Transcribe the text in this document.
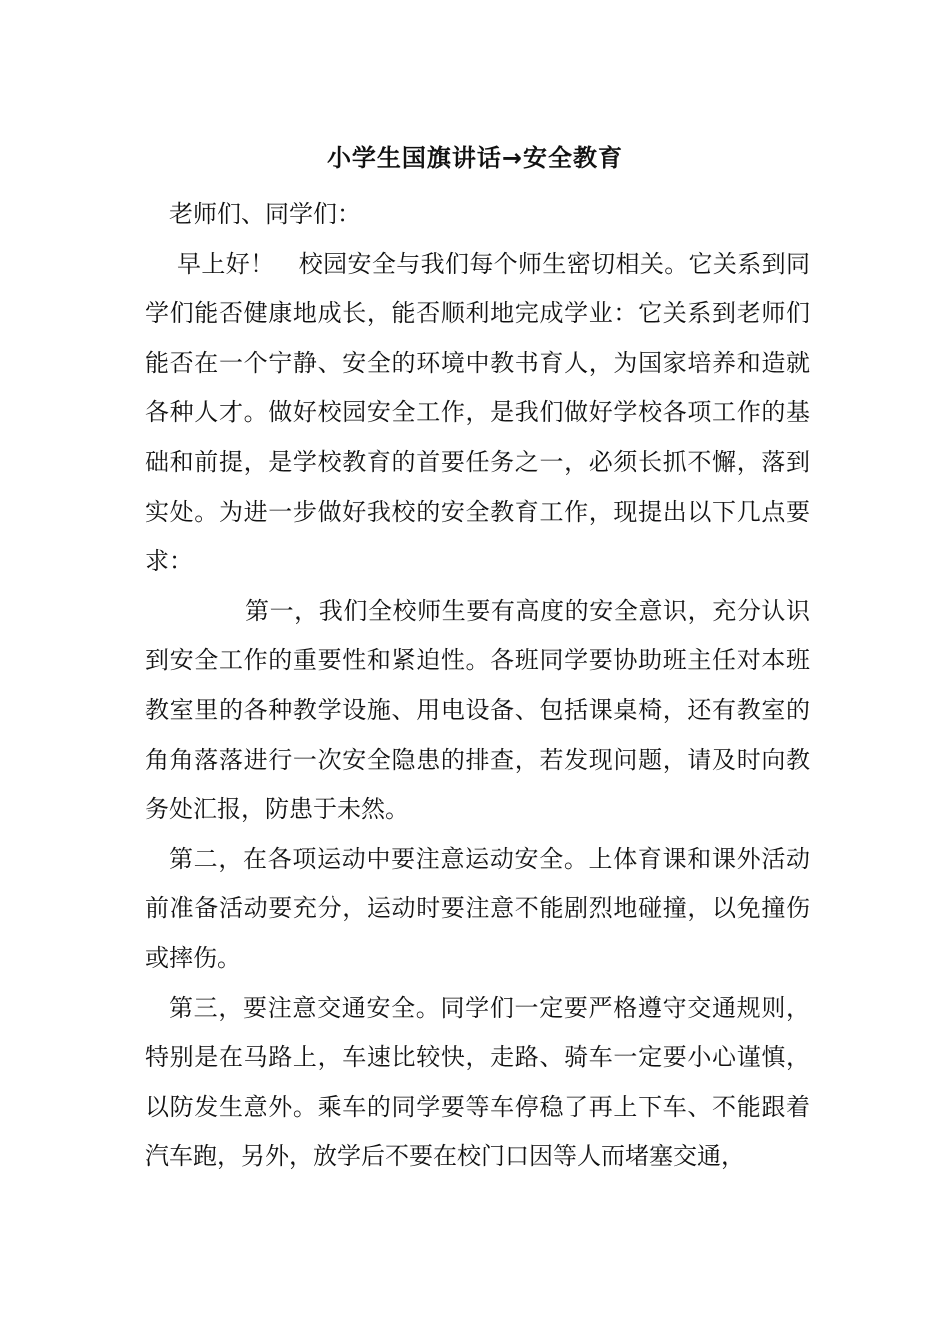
小学生国旗讲话→安全教育

老师们、同学们：

早上好！　校园安全与我们每个师生密切相关。它关系到同学们能否健康地成长，能否顺利地完成学业：它关系到老师们能否在一个宁静、安全的环境中教书育人，为国家培养和造就各种人才。做好校园安全工作，是我们做好学校各项工作的基础和前提，是学校教育的首要任务之一，必须长抓不懈，落到实处。为进一步做好我校的安全教育工作，现提出以下几点要求：

第一，我们全校师生要有高度的安全意识，充分认识到安全工作的重要性和紧迫性。各班同学要协助班主任对本班教室里的各种教学设施、用电设备、包括课桌椅，还有教室的角角落落进行一次安全隐患的排查，若发现问题，请及时向教务处汇报，防患于未然。

第二，在各项运动中要注意运动安全。上体育课和课外活动前准备活动要充分，运动时要注意不能剧烈地碰撞，以免撞伤或摔伤。

第三，要注意交通安全。同学们一定要严格遵守交通规则，特别是在马路上，车速比较快，走路、骑车一定要小心谨慎，以防发生意外。乘车的同学要等车停稳了再上下车、不能跟着汽车跑，另外，放学后不要在校门口因等人而堵塞交通，
